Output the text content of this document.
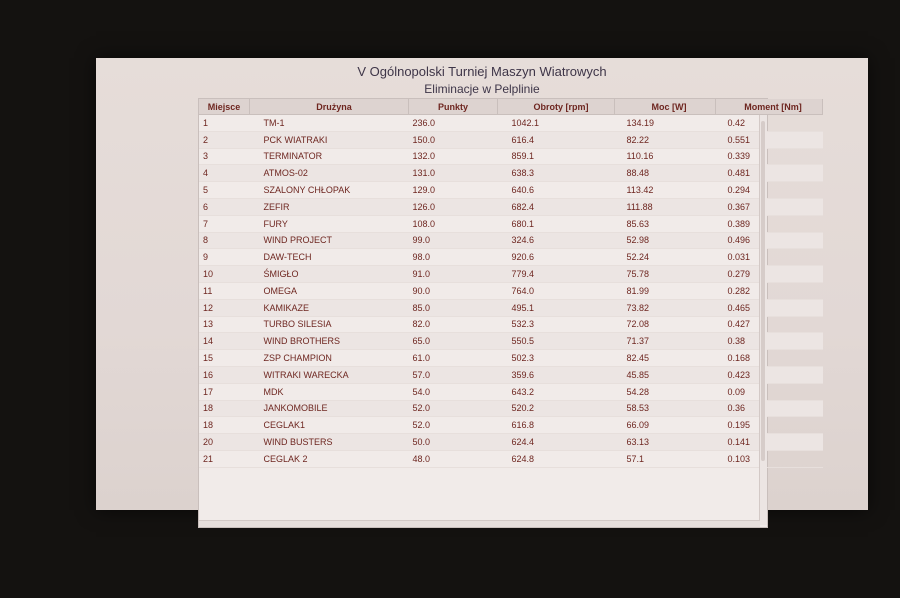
V Ogólnopolski Turniej Maszyn Wiatrowych
Eliminacje w Pelplinie
Miejsce	Drużyna	Punkty	Obroty [rpm]	Moc [W]	Moment [Nm]
1	TM-1	236.0	1042.1	134.19	0.42
2	PCK WIATRAKI	150.0	616.4	82.22	0.551
3	TERMINATOR	132.0	859.1	110.16	0.339
4	ATMOS-02	131.0	638.3	88.48	0.481
5	SZALONY CHŁOPAK	129.0	640.6	113.42	0.294
6	ZEFIR	126.0	682.4	111.88	0.367
7	FURY	108.0	680.1	85.63	0.389
8	WIND PROJECT	99.0	324.6	52.98	0.496
9	DAW-TECH	98.0	920.6	52.24	0.031
10	ŚMIGŁO	91.0	779.4	75.78	0.279
11	OMEGA	90.0	764.0	81.99	0.282
12	KAMIKAZE	85.0	495.1	73.82	0.465
13	TURBO SILESIA	82.0	532.3	72.08	0.427
14	WIND BROTHERS	65.0	550.5	71.37	0.38
15	ZSP CHAMPION	61.0	502.3	82.45	0.168
16	WITRAKI WARECKA	57.0	359.6	45.85	0.423
17	MDK	54.0	643.2	54.28	0.09
18	JANKOMOBILE	52.0	520.2	58.53	0.36
18	CEGLAK1	52.0	616.8	66.09	0.195
20	WIND BUSTERS	50.0	624.4	63.13	0.141
21	CEGLAK 2	48.0	624.8	57.1	0.103
